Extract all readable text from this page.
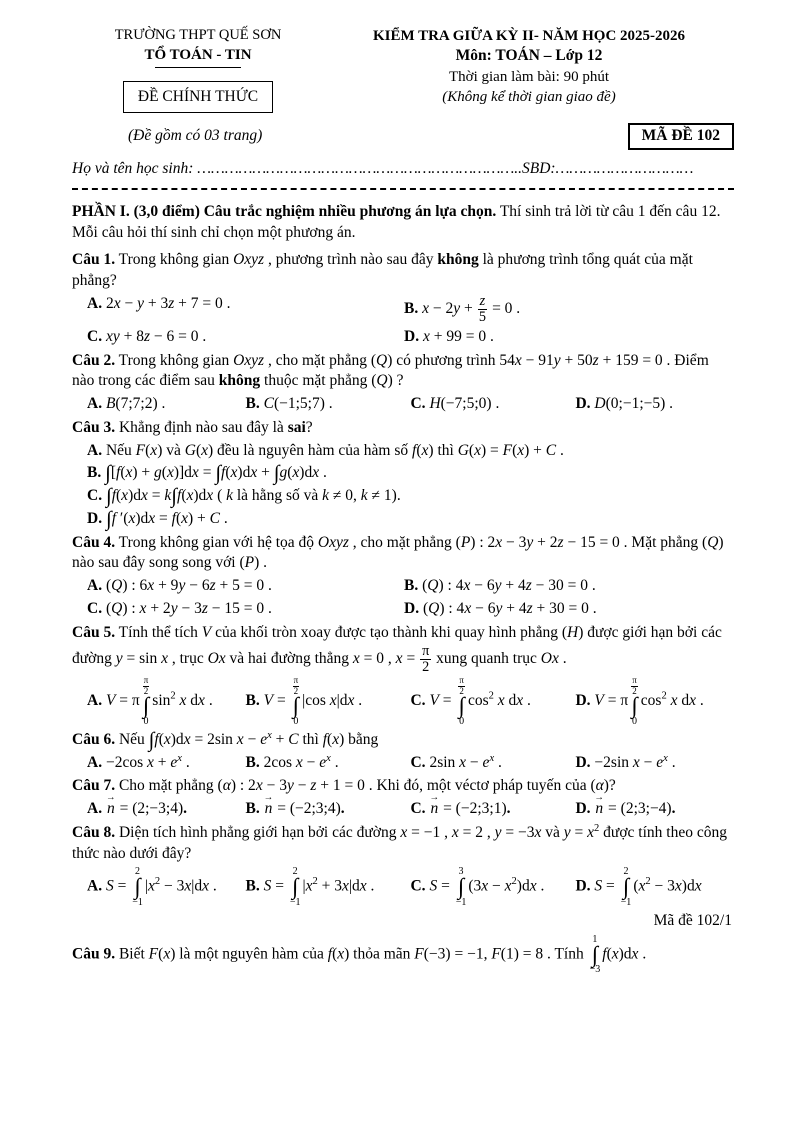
TRƯỜNG THPT QUẾ SƠN
TỔ TOÁN - TIN
ĐỀ CHÍNH THỨC
KIỂM TRA GIỮA KỲ II- NĂM HỌC 2025-2026
Môn: TOÁN – Lớp 12
Thời gian làm bài: 90 phút
(Không kể thời gian giao đề)
(Đề gồm có 03 trang)	MÃ ĐỀ 102
Họ và tên học sinh: ……………………………………………………………..SBD:…………………………

PHẦN I. (3,0 điểm) Câu trắc nghiệm nhiều phương án lựa chọn. Thí sinh trả lời từ câu 1 đến câu 12. Mỗi câu hỏi thí sinh chỉ chọn một phương án.

Câu 1. Trong không gian Oxyz , phương trình nào sau đây không là phương trình tổng quát của mặt phẳng?
A. 2x − y + 3z + 7 = 0 .	B. $x - 2y + \frac{z}{5} = 0$ .
C. xy + 8z − 6 = 0 .	D. x + 99 = 0 .
Câu 2. Trong không gian Oxyz , cho mặt phẳng (Q) có phương trình 54x − 91y + 50z + 159 = 0 . Điểm nào trong các điểm sau không thuộc mặt phẳng (Q) ?
A. B(7;7;2) .	B. C(−1;5;7) .	C. H(−7;5;0) .	D. D(0;−1;−5) .
Câu 3. Khẳng định nào sau đây là sai?
A. Nếu F(x) và G(x) đều là nguyên hàm của hàm số f(x) thì G(x) = F(x) + C .
B. ∫[f(x) + g(x)]dx = ∫f(x)dx + ∫g(x)dx .
C. ∫f(x)dx = k∫f(x)dx ( k là hằng số và k ≠ 0, k ≠ 1).
D. ∫f ′(x)dx = f(x) + C .
Câu 4. Trong không gian với hệ tọa độ Oxyz , cho mặt phẳng (P) : 2x − 3y + 2z − 15 = 0 . Mặt phẳng (Q) nào sau đây song song với (P) .
A. (Q) : 6x + 9y − 6z + 5 = 0 .	B. (Q) : 4x − 6y + 4z − 30 = 0 .
C. (Q) : x + 2y − 3z − 15 = 0 .	D. (Q) : 4x − 6y + 4z + 30 = 0 .
Câu 5. Tính thể tích V của khối tròn xoay được tạo thành khi quay hình phẳng (H) được giới hạn bởi các đường y = sin x , trục Ox và hai đường thẳng x = 0 , $x = \frac{\pi}{2}$ xung quanh trục Ox .
A. V = π
$\frac{\pi}{2}$
∫
0
$\sin^2 x$ dx .	B. V =
$\frac{\pi}{2}$
∫
0
|cos x|dx .	C. V =
$\frac{\pi}{2}$
∫
0
$\cos^2 x$ dx .	D. V = π
$\frac{\pi}{2}$
∫
0
$\cos^2 x$ dx .
Câu 6. Nếu ∫f(x)dx = 2sin $x - e^x + C$ thì f(x) bằng
A. −2cos $x + e^x$ .	B. 2cos $x - e^x$ .	C. 2sin $x - e^x$ .	D. −2sin $x - e^x$ .
Câu 7. Cho mặt phẳng (α) : 2x − 3y − z + 1 = 0 . Khi đó, một véctơ pháp tuyến của (α)?
A. → n = (2;−3;4).	B. → n = (−2;3;4).	C. → n = (−2;3;1).	D. → n = (2;3;−4).
Câu 8. Diện tích hình phẳng giới hạn bởi các đường x = −1 , x = 2 , y = −3x và $y = x^2$ được tính theo công thức nào dưới đây?
A. S =
2
∫
−1
$|x^2 - 3x|dx$ .	B. S =
2
∫
−1
$|x^2 + 3x|dx$ .	C. S =
3
∫
−1
$(3x - x^2)dx$ .	D. S =
2
∫
−1
$(x^2 - 3x)dx$
Mã đề 102/1
Câu 9. Biết F(x) là một nguyên hàm của f(x) thỏa mãn F(−3) = −1, F(1) = 8 . Tính
1
∫
−3
f(x)dx .
